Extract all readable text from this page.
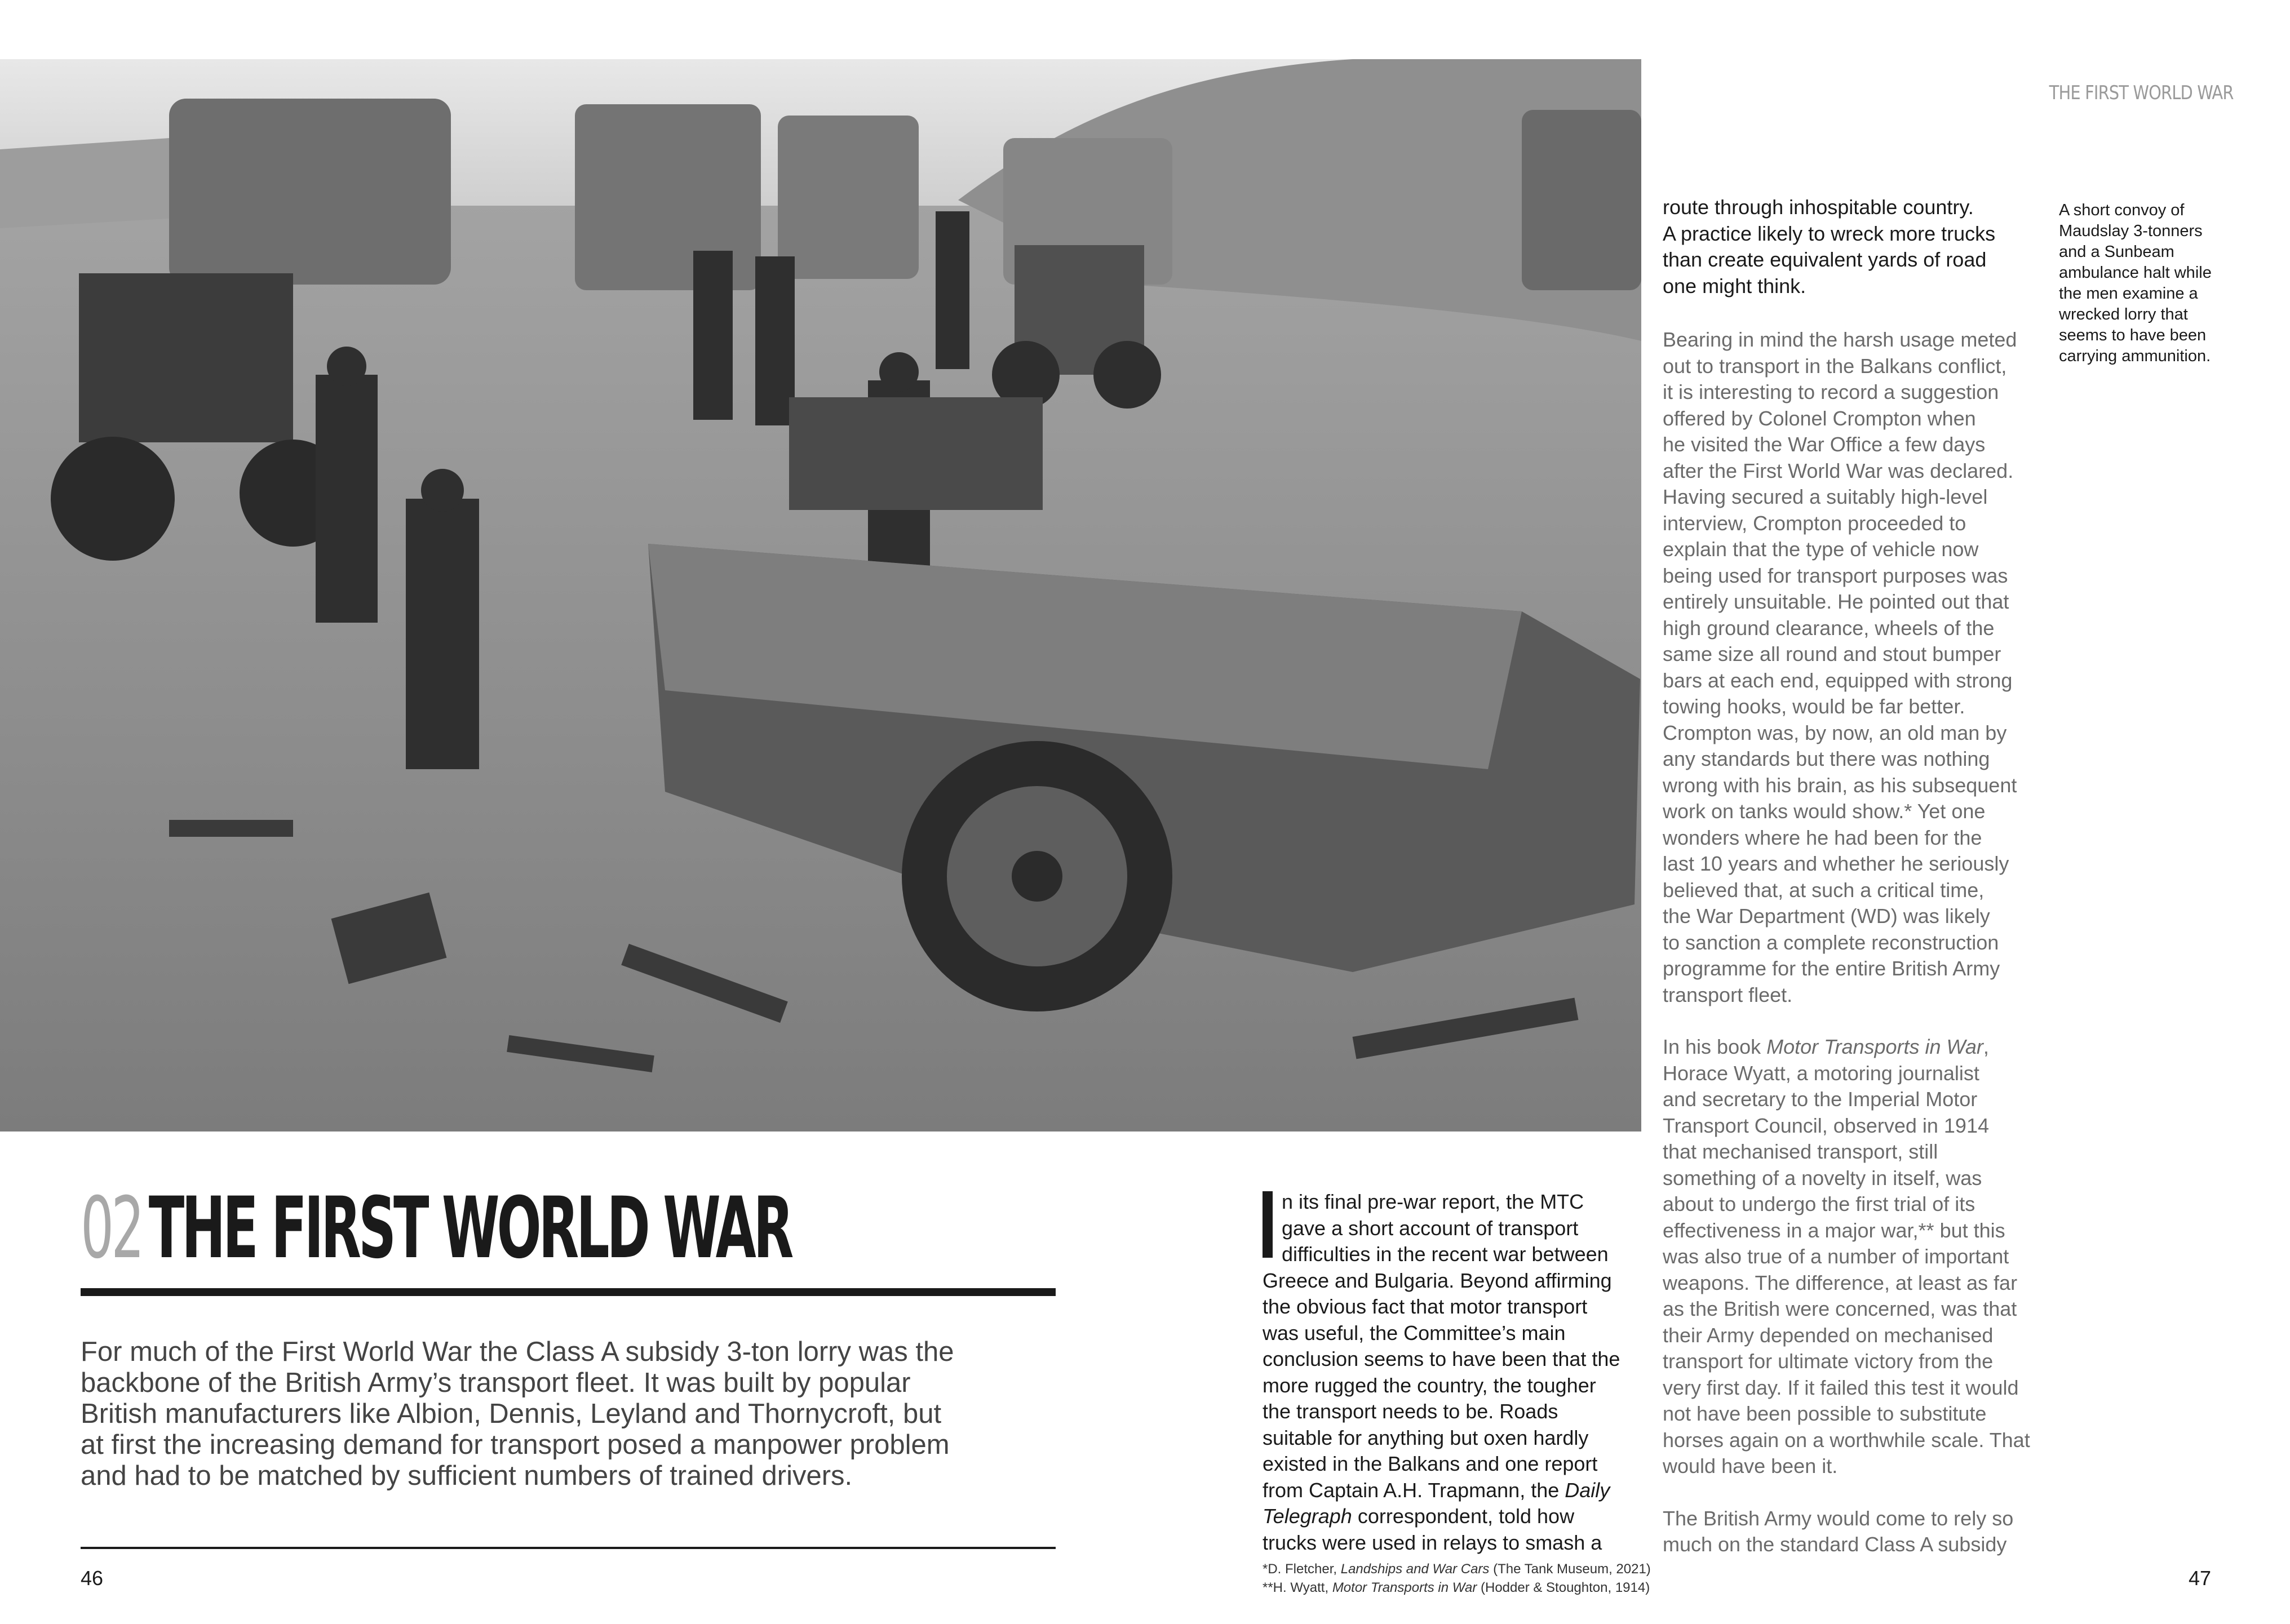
THE FIRST WORLD WAR
02THE FIRST WORLD WAR
For much of the First World War the Class A subsidy 3-ton lorry was the
backbone of the British Army’s transport fleet. It was built by popular
British manufacturers like Albion, Dennis, Leyland and Thornycroft, but
at first the increasing demand for transport posed a manpower problem
and had to be matched by sufficient numbers of trained drivers.
46	47
n its final pre-war report, the MTC
gave a short account of transport
difficulties in the recent war between
Greece and Bulgaria. Beyond affirming
the obvious fact that motor transport
was useful, the Committee’s main
conclusion seems to have been that the
more rugged the country, the tougher
the transport needs to be. Roads
suitable for anything but oxen hardly
existed in the Balkans and one report
from Captain A.H. Trapmann, the Daily
Telegraph correspondent, told how
trucks were used in relays to smash a
route through inhospitable country.
A practice likely to wreck more trucks
than create equivalent yards of road
one might think.
Bearing in mind the harsh usage meted
out to transport in the Balkans conflict,
it is interesting to record a suggestion
offered by Colonel Crompton when
he visited the War Office a few days
after the First World War was declared.
Having secured a suitably high-level
interview, Crompton proceeded to
explain that the type of vehicle now
being used for transport purposes was
entirely unsuitable. He pointed out that
high ground clearance, wheels of the
same size all round and stout bumper
bars at each end, equipped with strong
towing hooks, would be far better.
Crompton was, by now, an old man by
any standards but there was nothing
wrong with his brain, as his subsequent
work on tanks would show.* Yet one
wonders where he had been for the
last 10 years and whether he seriously
believed that, at such a critical time,
the War Department (WD) was likely
to sanction a complete reconstruction
programme for the entire British Army
transport fleet.
In his book Motor Transports in War,
Horace Wyatt, a motoring journalist
and secretary to the Imperial Motor
Transport Council, observed in 1914
that mechanised transport, still
something of a novelty in itself, was
about to undergo the first trial of its
effectiveness in a major war,** but this
was also true of a number of important
weapons. The difference, at least as far
as the British were concerned, was that
their Army depended on mechanised
transport for ultimate victory from the
very first day. If it failed this test it would
not have been possible to substitute
horses again on a worthwhile scale. That
would have been it.
The British Army would come to rely so
much on the standard Class A subsidy
A short convoy of
Maudslay 3-tonners
and a Sunbeam
ambulance halt while
the men examine a
wrecked lorry that
seems to have been
carrying ammunition.
*D. Fletcher, Landships and War Cars (The Tank Museum, 2021)
**H. Wyatt, Motor Transports in War (Hodder & Stoughton, 1914)
